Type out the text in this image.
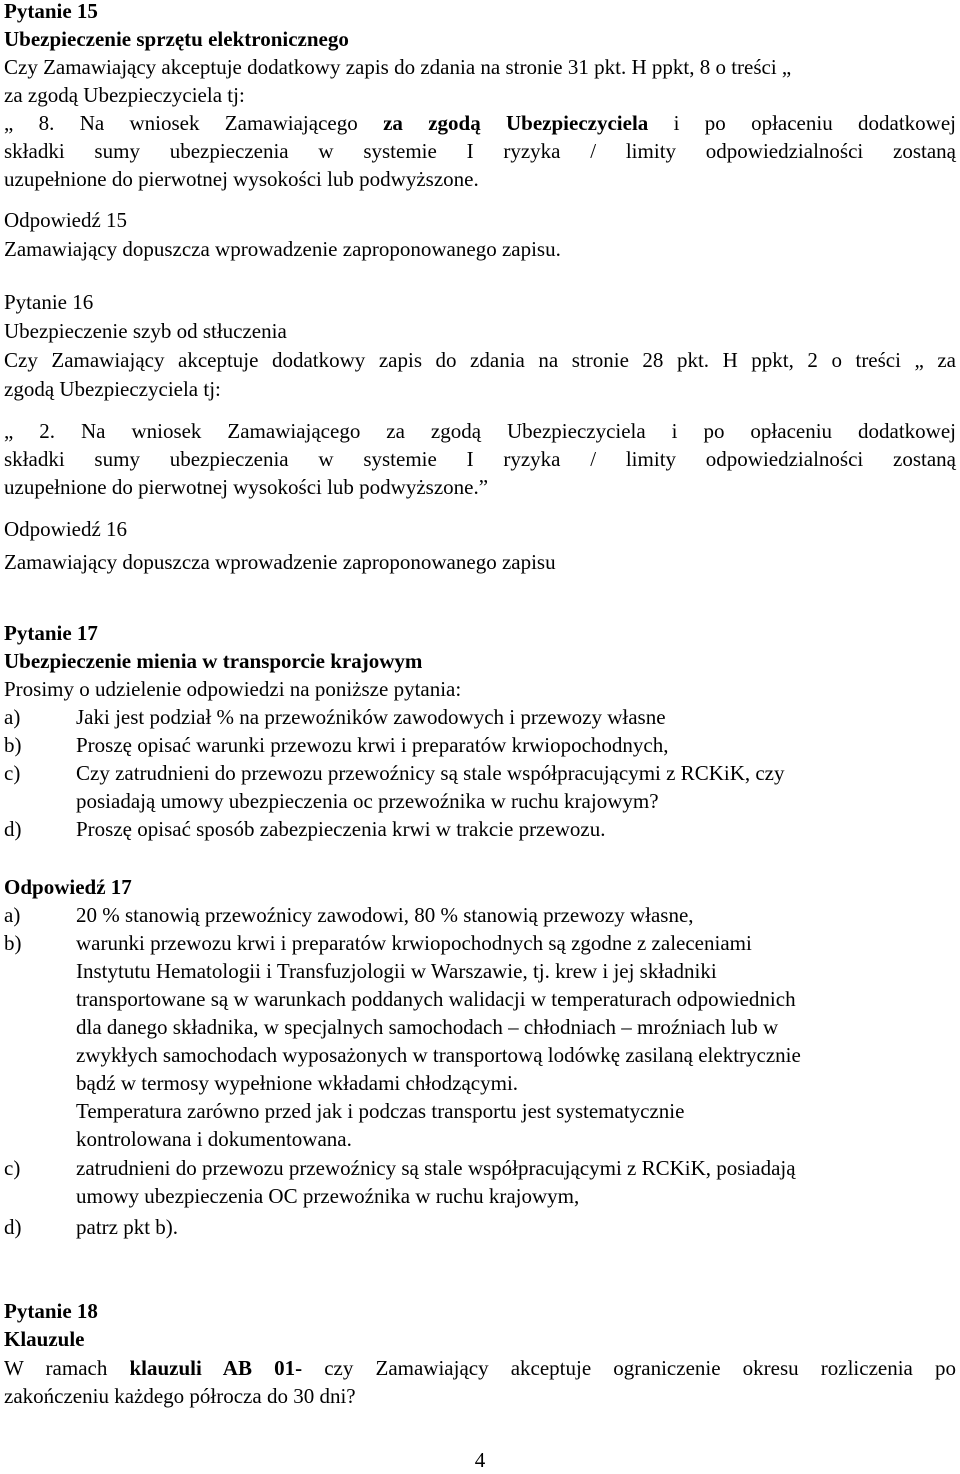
Pytanie 15
Ubezpieczenie sprzętu elektronicznego
Czy Zamawiający akceptuje dodatkowy zapis do zdania na stronie 31 pkt. H ppkt, 8 o treści „
za zgodą Ubezpieczyciela tj:
„ 8. Na wniosek Zamawiającego za zgodą Ubezpieczyciela i po opłaceniu dodatkowej
składki sumy ubezpieczenia w systemie I ryzyka / limity odpowiedzialności zostaną
uzupełnione do pierwotnej wysokości lub podwyższone.
Odpowiedź 15
Zamawiający dopuszcza wprowadzenie zaproponowanego zapisu.
Pytanie 16
Ubezpieczenie szyb od stłuczenia
Czy Zamawiający akceptuje dodatkowy zapis do zdania na stronie 28 pkt. H ppkt, 2 o treści „ za
zgodą Ubezpieczyciela tj:
„ 2. Na wniosek Zamawiającego za zgodą Ubezpieczyciela i po opłaceniu dodatkowej
składki sumy ubezpieczenia w systemie I ryzyka / limity odpowiedzialności zostaną
uzupełnione do pierwotnej wysokości lub podwyższone.”
Odpowiedź 16
Zamawiający dopuszcza wprowadzenie zaproponowanego zapisu
Pytanie 17
Ubezpieczenie mienia w transporcie krajowym
Prosimy o udzielenie odpowiedzi na poniższe pytania:
a)	Jaki jest podział % na przewoźników zawodowych i przewozy własne
b)	Proszę opisać warunki przewozu krwi i preparatów krwiopochodnych,
c)	Czy zatrudnieni do przewozu przewoźnicy są stale współpracującymi z RCKiK, czy
posiadają umowy ubezpieczenia oc przewoźnika w ruchu krajowym?
d)	Proszę opisać sposób zabezpieczenia krwi w trakcie przewozu.
Odpowiedź 17
a)	20 % stanowią przewoźnicy zawodowi, 80 % stanowią przewozy własne,
b)	warunki przewozu krwi i preparatów krwiopochodnych są zgodne z zaleceniami
Instytutu Hematologii i Transfuzjologii w Warszawie, tj. krew i jej składniki
transportowane są w warunkach poddanych walidacji w temperaturach odpowiednich
dla danego składnika, w specjalnych samochodach – chłodniach – mroźniach lub w
zwykłych samochodach wyposażonych w transportową lodówkę zasilaną elektrycznie
bądź w termosy wypełnione wkładami chłodzącymi.
Temperatura zarówno przed jak i podczas transportu jest systematycznie
kontrolowana i dokumentowana.
c)	zatrudnieni do przewozu przewoźnicy są stale współpracującymi z RCKiK, posiadają
umowy ubezpieczenia OC przewoźnika w ruchu krajowym,
d)	patrz pkt b).
Pytanie 18
Klauzule
W ramach klauzuli AB 01- czy Zamawiający akceptuje ograniczenie okresu rozliczenia po
zakończeniu każdego półrocza do 30 dni?
4
